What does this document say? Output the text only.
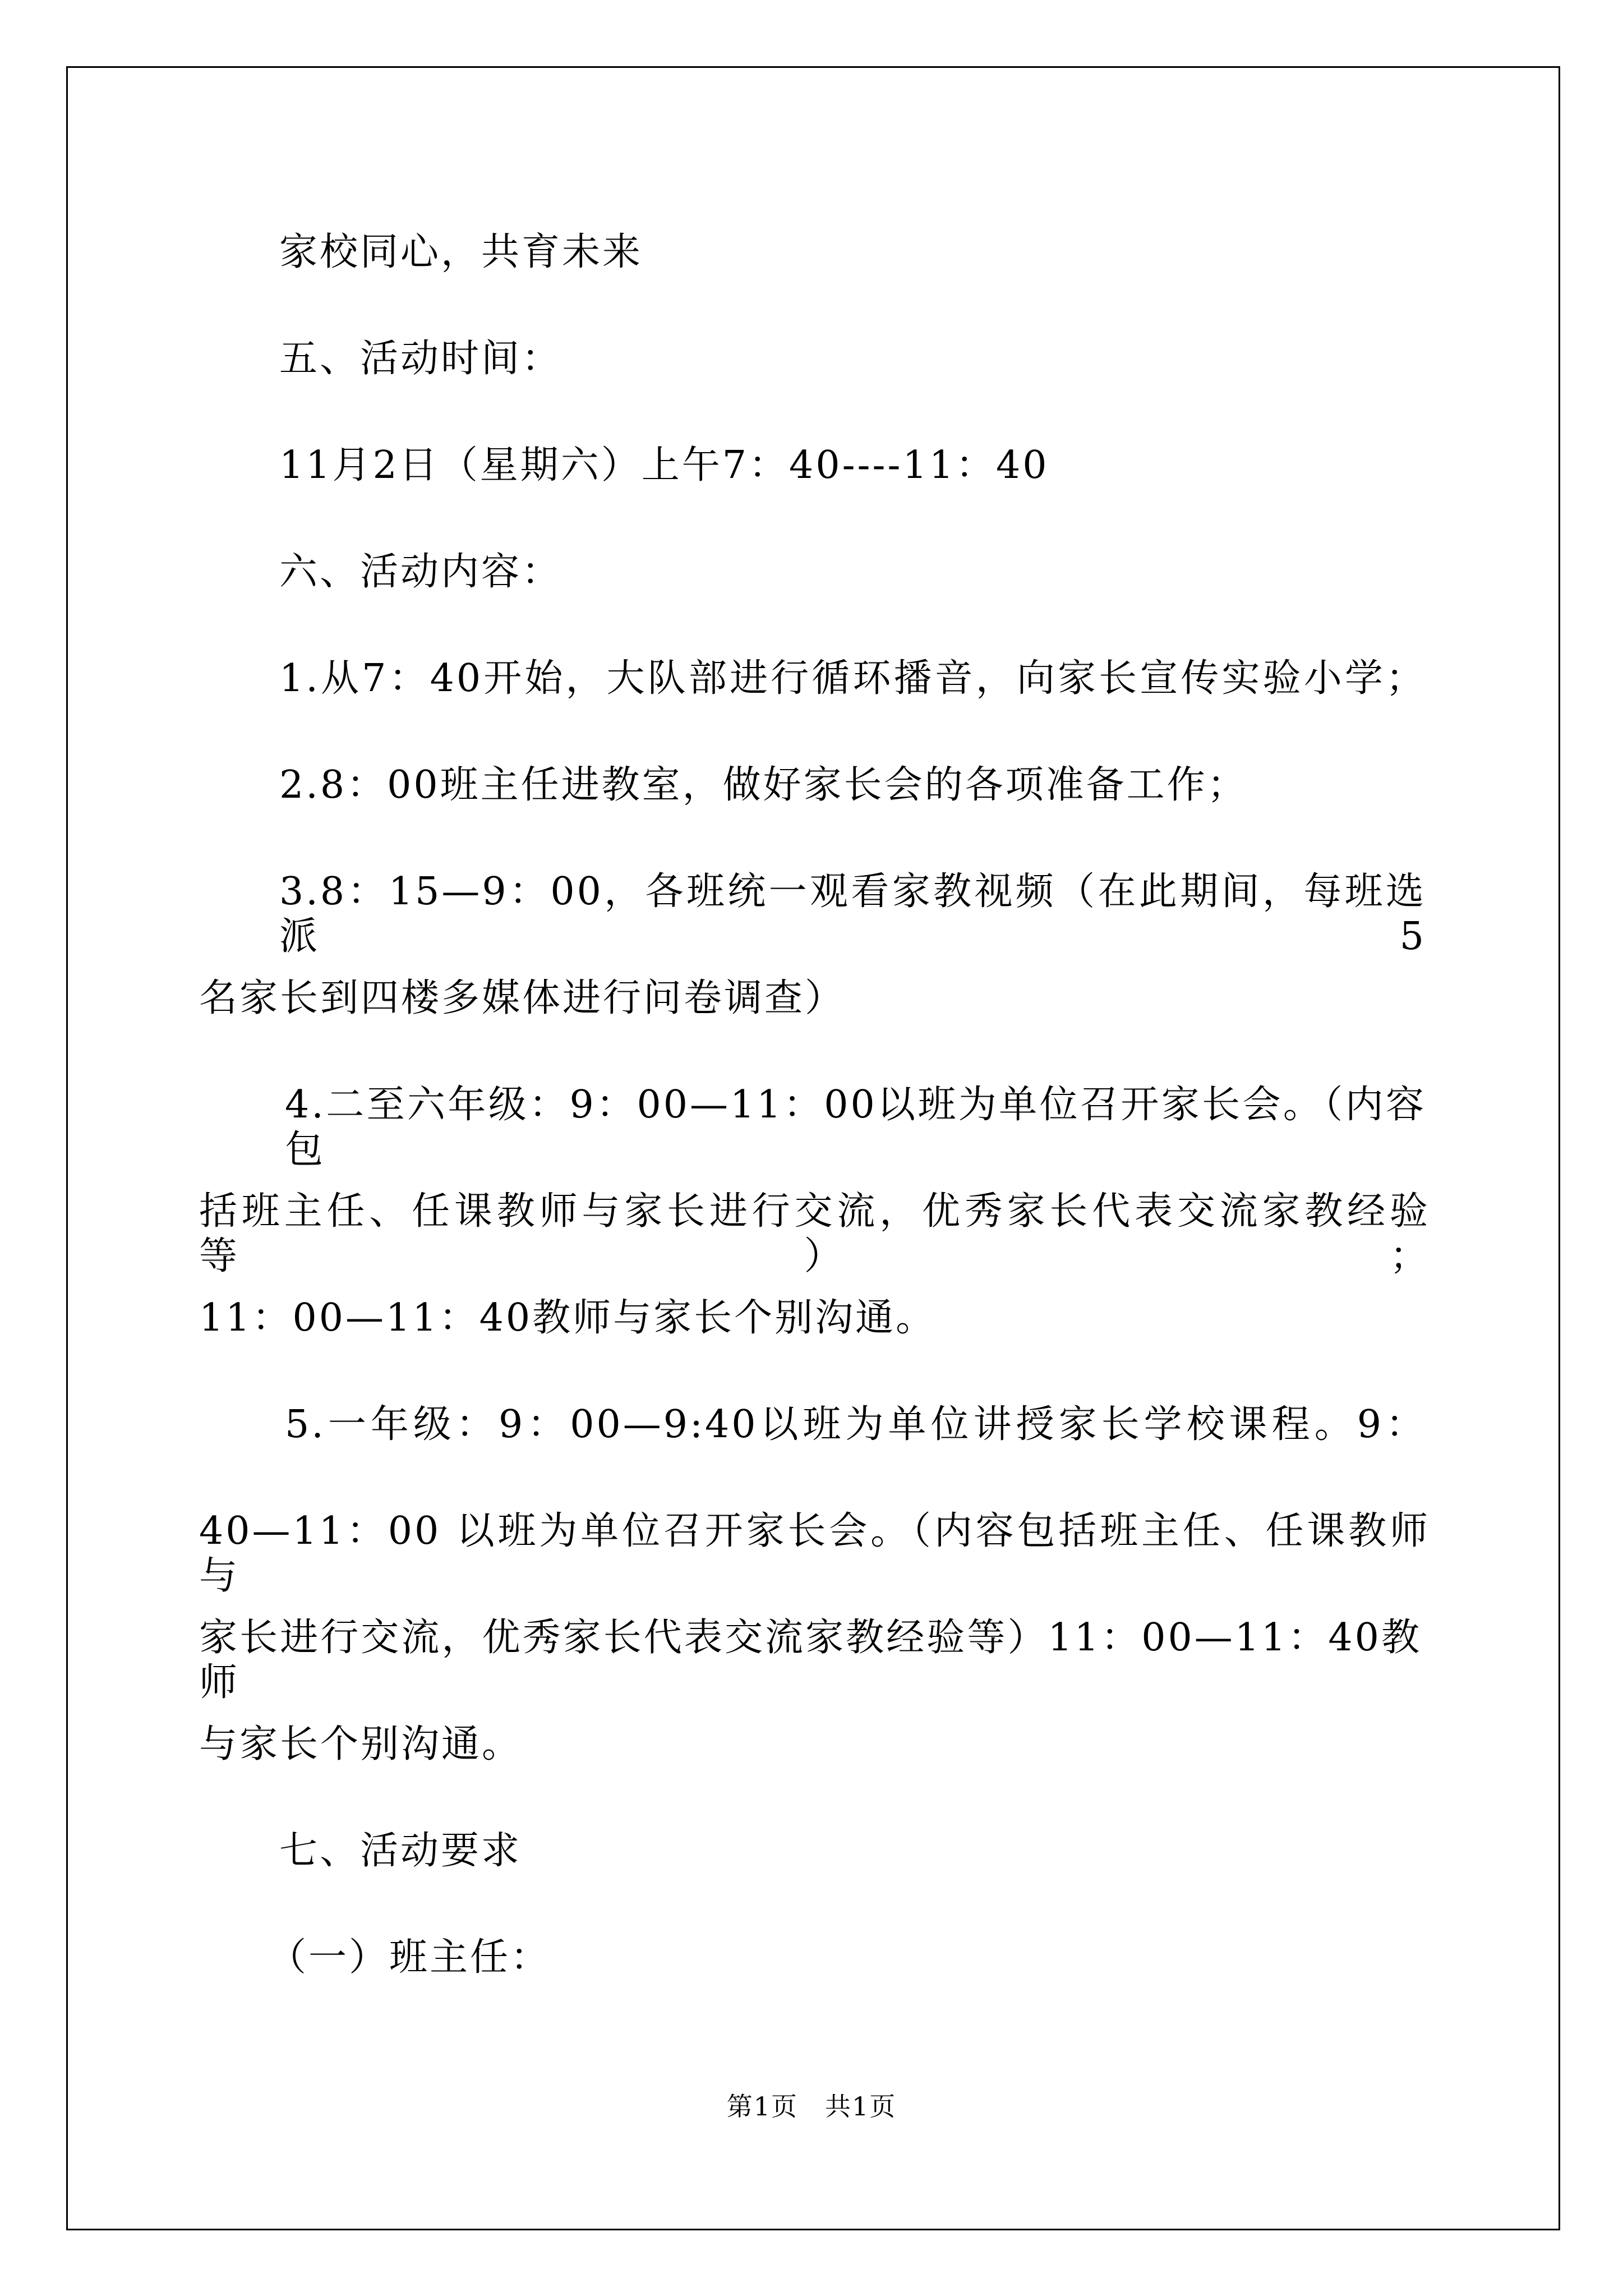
家校同心，共育未来
五、活动时间：
11月2日（星期六）上午7：40----11：40
六、活动内容：
1.从7：40开始，大队部进行循环播音，向家长宣传实验小学；
2.8：00班主任进教室，做好家长会的各项准备工作；
3.8：15—9：00，各班统一观看家教视频（在此期间，每班选派5
名家长到四楼多媒体进行问卷调查）
4.二至六年级：9：00—11：00以班为单位召开家长会。（内容包
括班主任、任课教师与家长进行交流，优秀家长代表交流家教经验等）；
11：00—11：40教师与家长个别沟通。
5.一年级：9：00—9:40以班为单位讲授家长学校课程。9：
40—11：00 以班为单位召开家长会。（内容包括班主任、任课教师与
家长进行交流，优秀家长代表交流家教经验等）11：00—11：40教师
与家长个别沟通。
七、活动要求
（一）班主任：
第1页　共1页
